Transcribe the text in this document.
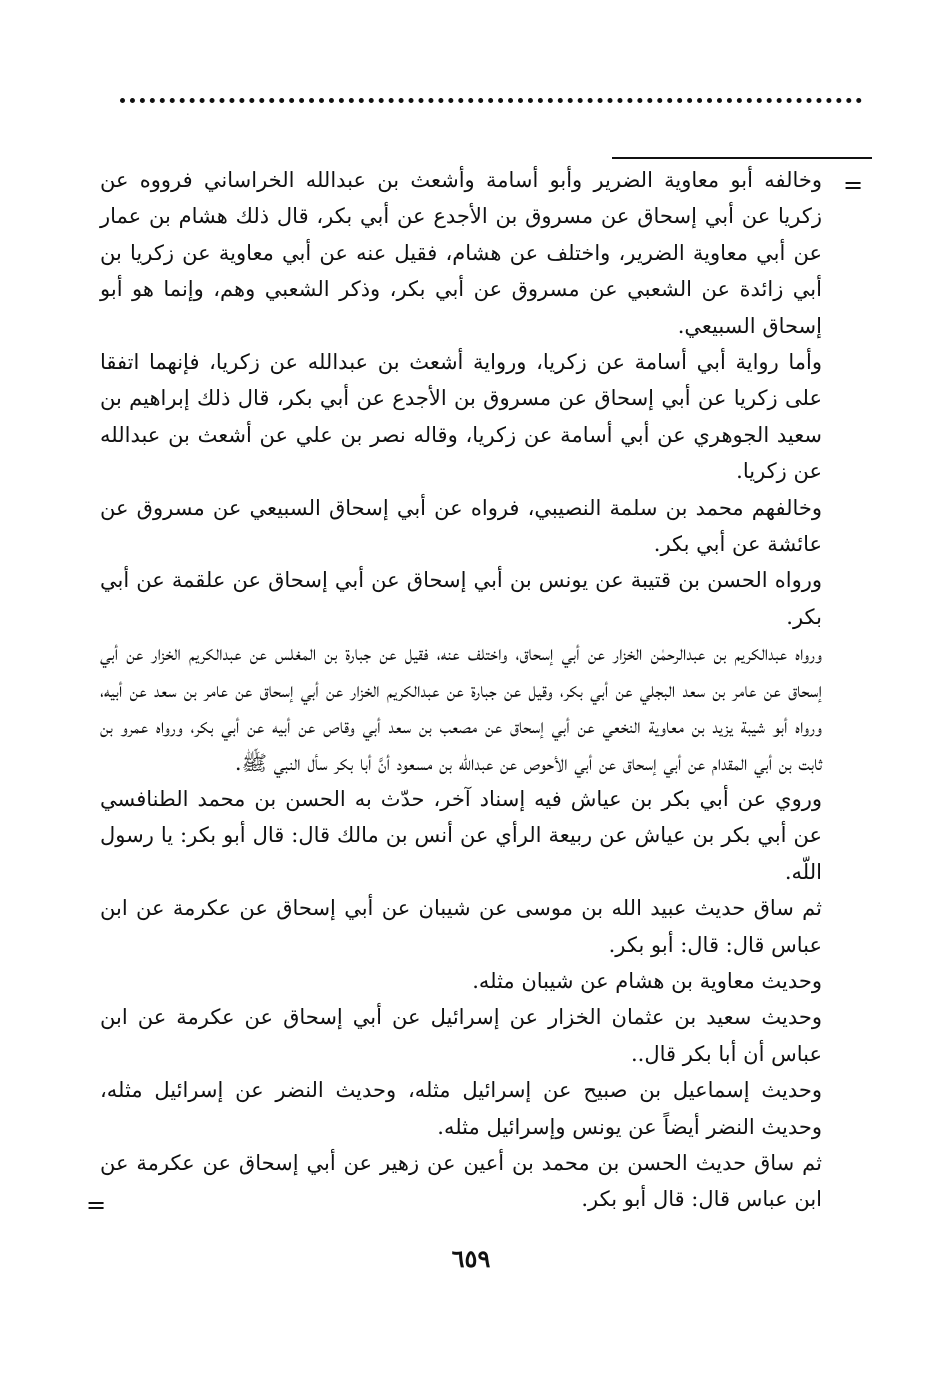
=
=

وخالفه أبو معاوية الضرير وأبو أسامة وأشعث بن عبدالله الخراساني فرووه عن زكريا عن أبي إسحاق عن مسروق بن الأجدع عن أبي بكر، قال ذلك هشام بن عمار عن أبي معاوية الضرير، واختلف عن هشام، فقيل عنه عن أبي معاوية عن زكريا بن أبي زائدة عن الشعبي عن مسروق عن أبي بكر، وذكر الشعبي وهم، وإنما هو أبو إسحاق السبيعي.

وأما رواية أبي أسامة عن زكريا، ورواية أشعث بن عبدالله عن زكريا، فإنهما اتفقا على زكريا عن أبي إسحاق عن مسروق بن الأجدع عن أبي بكر، قال ذلك إبراهيم بن سعيد الجوهري عن أبي أسامة عن زكريا، وقاله نصر بن علي عن أشعث بن عبدالله عن زكريا.

وخالفهم محمد بن سلمة النصيبي، فرواه عن أبي إسحاق السبيعي عن مسروق عن عائشة عن أبي بكر.

ورواه الحسن بن قتيبة عن يونس بن أبي إسحاق عن أبي إسحاق عن علقمة عن أبي بكر.

ورواه عبدالكريم بن عبدالرحمٰن الخزار عن أبي إسحاق، واختلف عنه، فقيل عن جبارة بن المغلس عن عبدالكريم الخزار عن أبي إسحاق عن عامر بن سعد البجلي عن أبي بكر، وقيل عن جبارة عن عبدالكريم الخزار عن أبي إسحاق عن عامر بن سعد عن أبيه، ورواه أبو شيبة يزيد بن معاوية النخعي عن أبي إسحاق عن مصعب بن سعد أبي وقاص عن أبيه عن أبي بكر، ورواه عمرو بن ثابت بن أبي المقدام عن أبي إسحاق عن أبي الأحوص عن عبدالله بن مسعود أنَّ أبا بكر سأل النبي ﷺ.

وروي عن أبي بكر بن عياش فيه إسناد آخر، حدّث به الحسن بن محمد الطنافسي عن أبي بكر بن عياش عن ربيعة الرأي عن أنس بن مالك قال: قال أبو بكر: يا رسول اللّه.

ثم ساق حديث عبيد الله بن موسى عن شيبان عن أبي إسحاق عن عكرمة عن ابن عباس قال: قال: أبو بكر.

وحديث معاوية بن هشام عن شيبان مثله.

وحديث سعيد بن عثمان الخزار عن إسرائيل عن أبي إسحاق عن عكرمة عن ابن عباس أن أبا بكر قال..

وحديث إسماعيل بن صبيح عن إسرائيل مثله، وحديث النضر عن إسرائيل مثله، وحديث النضر أيضاً عن يونس وإسرائيل مثله.

ثم ساق حديث الحسن بن محمد بن أعين عن زهير عن أبي إسحاق عن عكرمة عن ابن عباس قال: قال أبو بكر.

٦٥٩
